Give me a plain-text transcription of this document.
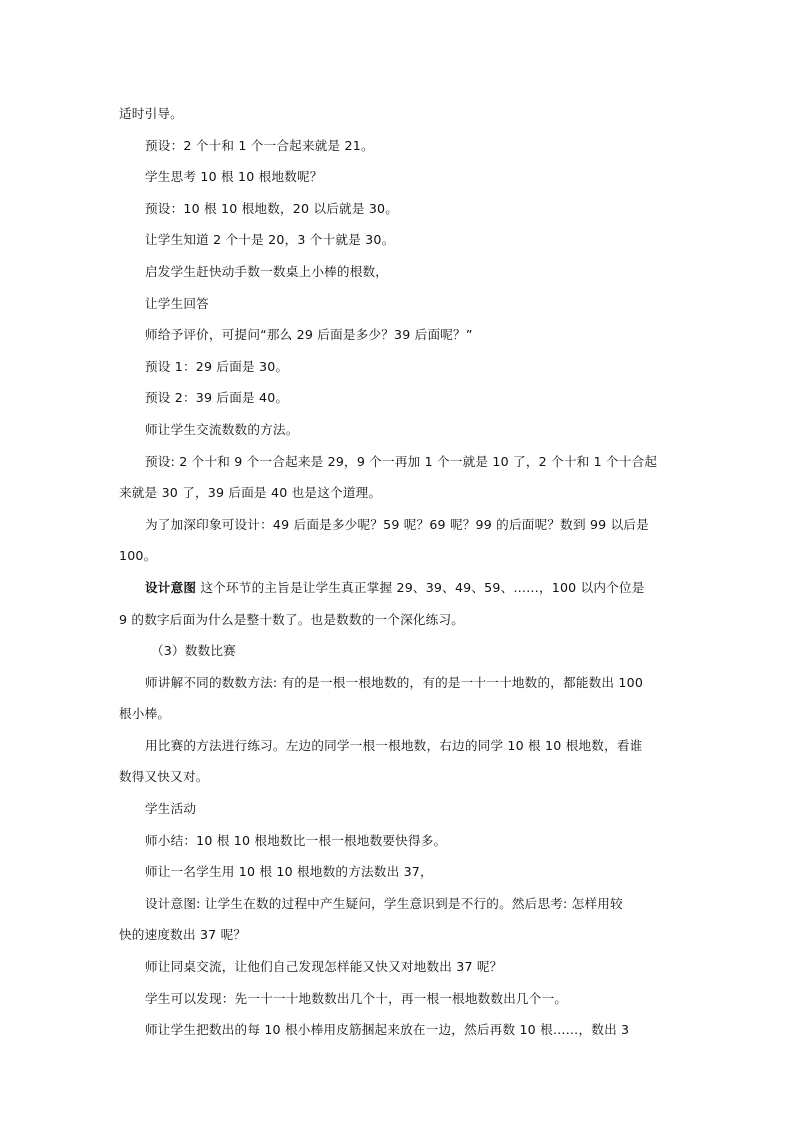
适时引导。
预设：2 个十和 1 个一合起来就是 21。
学生思考 10 根 10 根地数呢？
预设：10 根 10 根地数，20 以后就是 30。
让学生知道 2 个十是 20，3 个十就是 30。
启发学生赶快动手数一数桌上小棒的根数，
让学生回答
师给予评价，可提问“那么 29 后面是多少？39 后面呢？”
预设 1：29 后面是 30。
预设 2：39 后面是 40。
师让学生交流数数的方法。
预设: 2 个十和 9 个一合起来是 29，9 个一再加 1 个一就是 10 了，2 个十和 1 个十合起
来就是 30 了，39 后面是 40 也是这个道理。
为了加深印象可设计：49 后面是多少呢？59 呢？69 呢？99 的后面呢？数到 99 以后是
100。
设计意图 这个环节的主旨是让学生真正掌握 29、39、49、59、……，100 以内个位是
9 的数字后面为什么是整十数了。也是数数的一个深化练习。
（3）数数比赛
师讲解不同的数数方法: 有的是一根一根地数的，有的是一十一十地数的，都能数出 100
根小棒。
用比赛的方法进行练习。左边的同学一根一根地数，右边的同学 10 根 10 根地数，看谁
数得又快又对。
学生活动
师小结：10 根 10 根地数比一根一根地数要快得多。
师让一名学生用 10 根 10 根地数的方法数出 37，
设计意图: 让学生在数的过程中产生疑问，学生意识到是不行的。然后思考: 怎样用较
快的速度数出 37 呢？
师让同桌交流，让他们自己发现怎样能又快又对地数出 37 呢？
学生可以发现：先一十一十地数数出几个十，再一根一根地数数出几个一。
师让学生把数出的每 10 根小棒用皮筋捆起来放在一边，然后再数 10 根……，数出 3
